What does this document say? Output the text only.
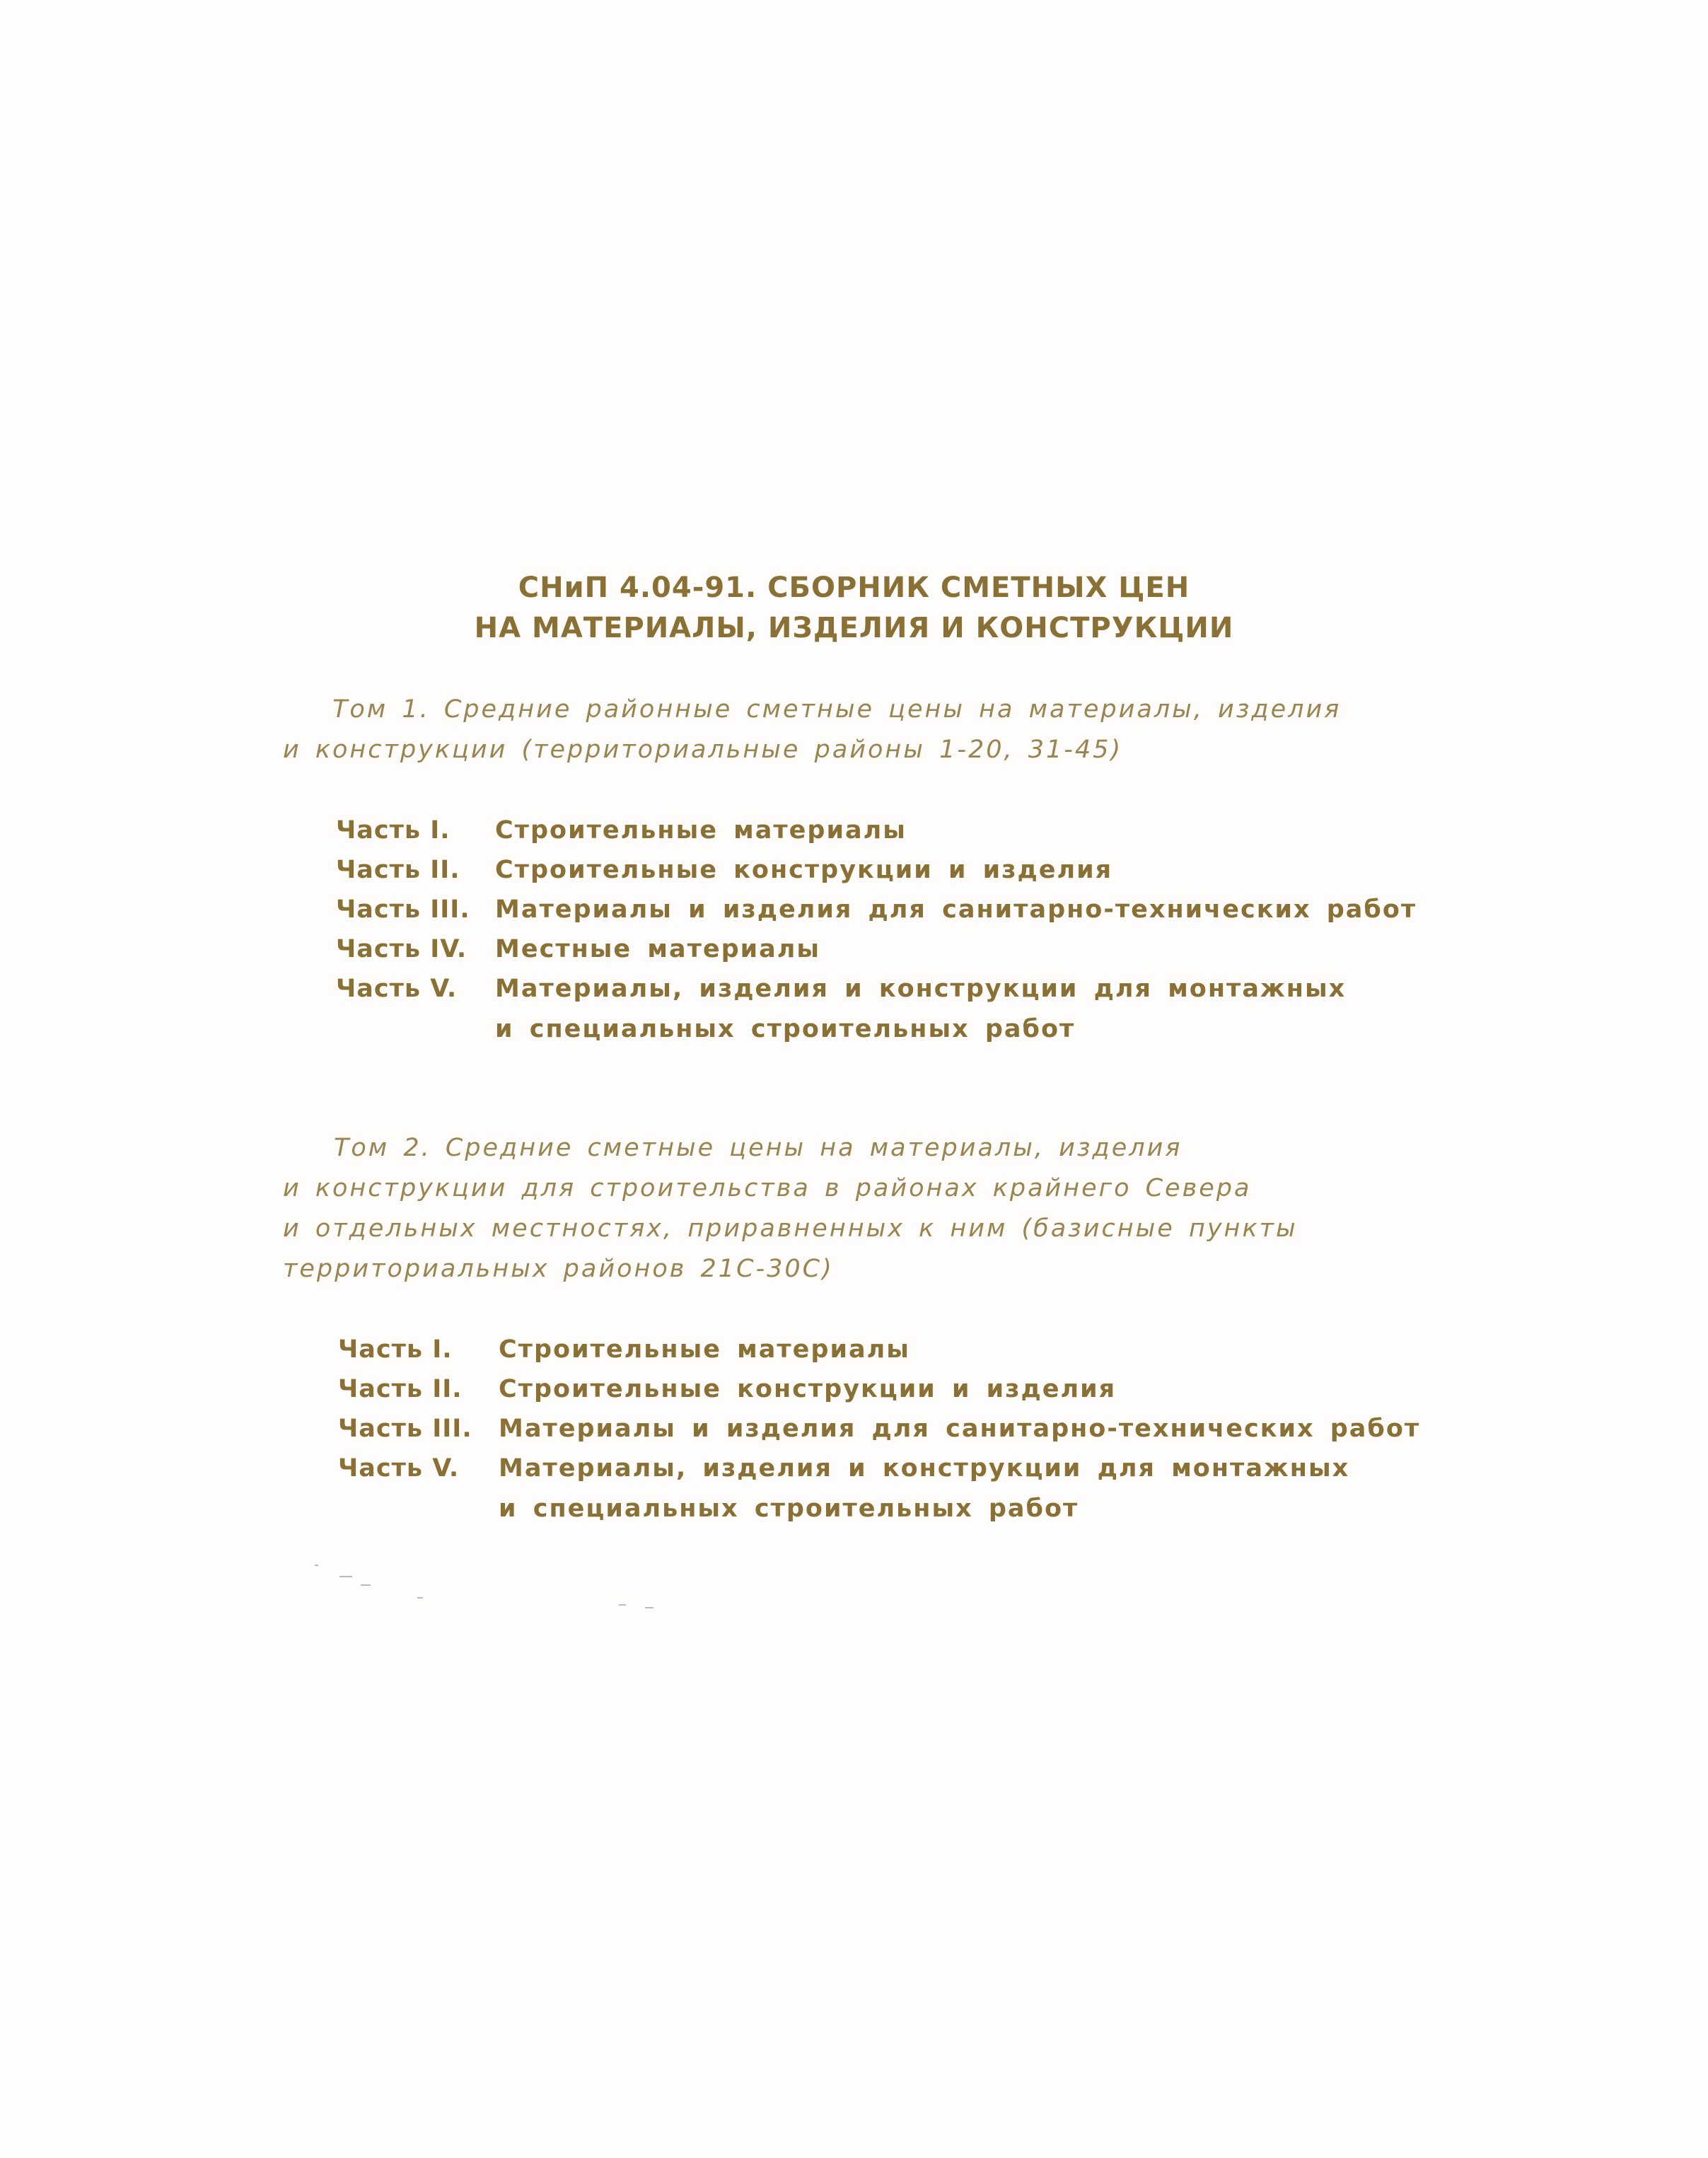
СНиП 4.04-91. СБОРНИК СМЕТНЫХ ЦЕН
НА МАТЕРИАЛЫ, ИЗДЕЛИЯ И КОНСТРУКЦИИ
Том 1. Средние районные сметные цены на материалы, изделия
и конструкции (территориальные районы 1-20, 31-45)
Часть I. Строительные материалы
Часть II. Строительные конструкции и изделия
Часть III. Материалы и изделия для санитарно-технических работ
Часть IV. Местные материалы
Часть V. Материалы, изделия и конструкции для монтажных
и специальных строительных работ
Том 2. Средние сметные цены на материалы, изделия
и конструкции для строительства в районах крайнего Севера
и отдельных местностях, приравненных к ним (базисные пункты
территориальных районов 21С-30С)
Часть I. Строительные материалы
Часть II. Строительные конструкции и изделия
Часть III. Материалы и изделия для санитарно-технических работ
Часть V. Материалы, изделия и конструкции для монтажных
и специальных строительных работ
